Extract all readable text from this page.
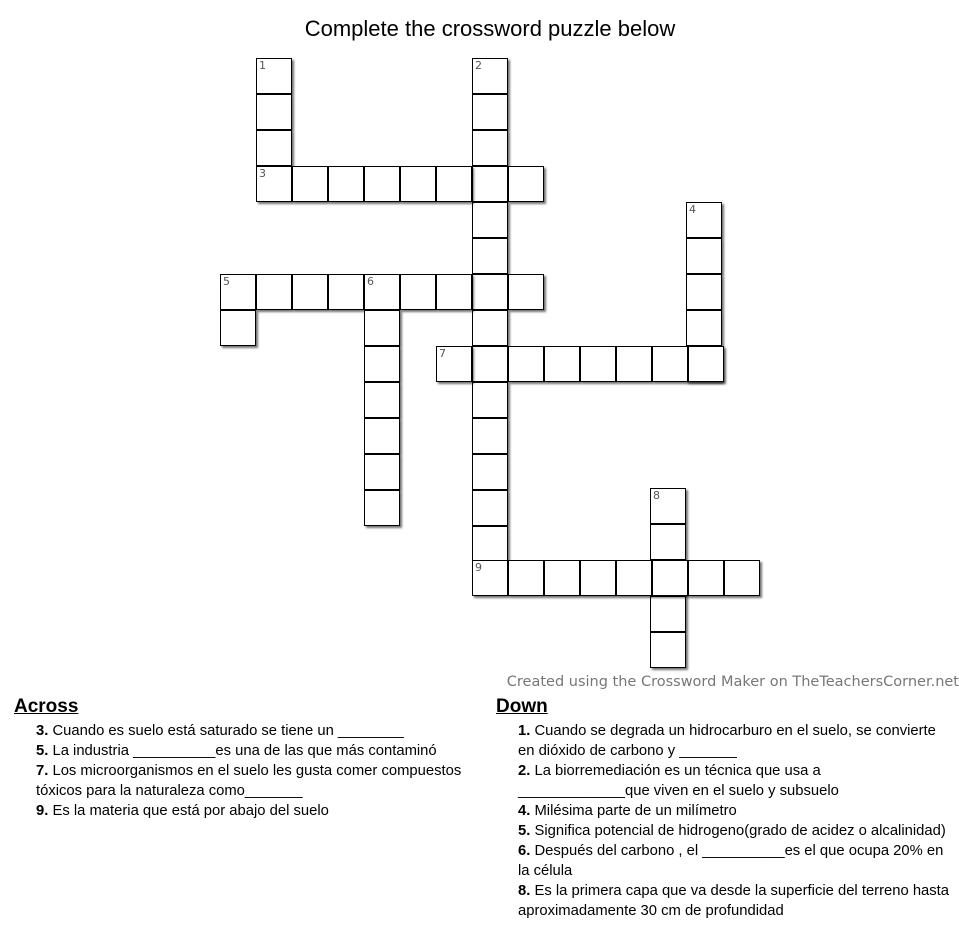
Complete the crossword puzzle below
1
3
2
4
5	6
7
8
9
Created using the Crossword Maker on TheTeachersCorner.net
Across
3. Cuando es suelo está saturado se tiene un ________
5. La industria __________es una de las que más contaminó
7. Los microorganismos en el suelo les gusta comer compuestos tóxicos para la naturaleza como_______
9. Es la materia que está por abajo del suelo
Down
1. Cuando se degrada un hidrocarburo en el suelo, se convierte en dióxido de carbono y _______
2. La biorremediación es un técnica que usa a _____________que viven en el suelo y subsuelo
4. Milésima parte de un milímetro
5. Significa potencial de hidrogeno(grado de acidez o alcalinidad)
6. Después del carbono , el __________es el que ocupa 20% en la célula
8. Es la primera capa que va desde la superficie del terreno hasta aproximadamente 30 cm de profundidad
